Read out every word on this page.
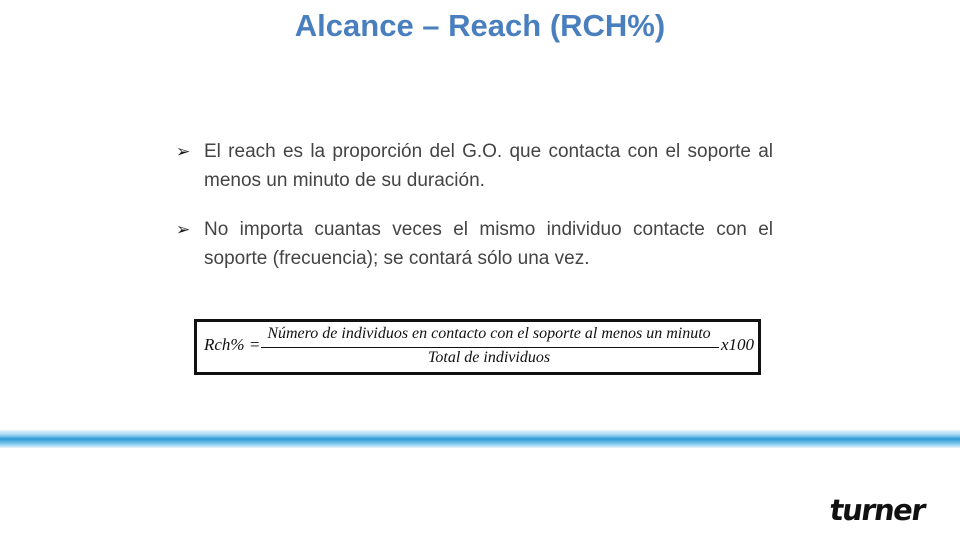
Alcance – Reach (RCH%)
➢ El reach es la proporción del G.O. que contacta con el soporte al menos un minuto de su duración.
➢ No importa cuantas veces el mismo individuo contacte con el soporte (frecuencia); se contará sólo una vez.
Rch% =
Número de individuos en contacto con el soporte al menos un minuto
Total de individuos
x100
turner
